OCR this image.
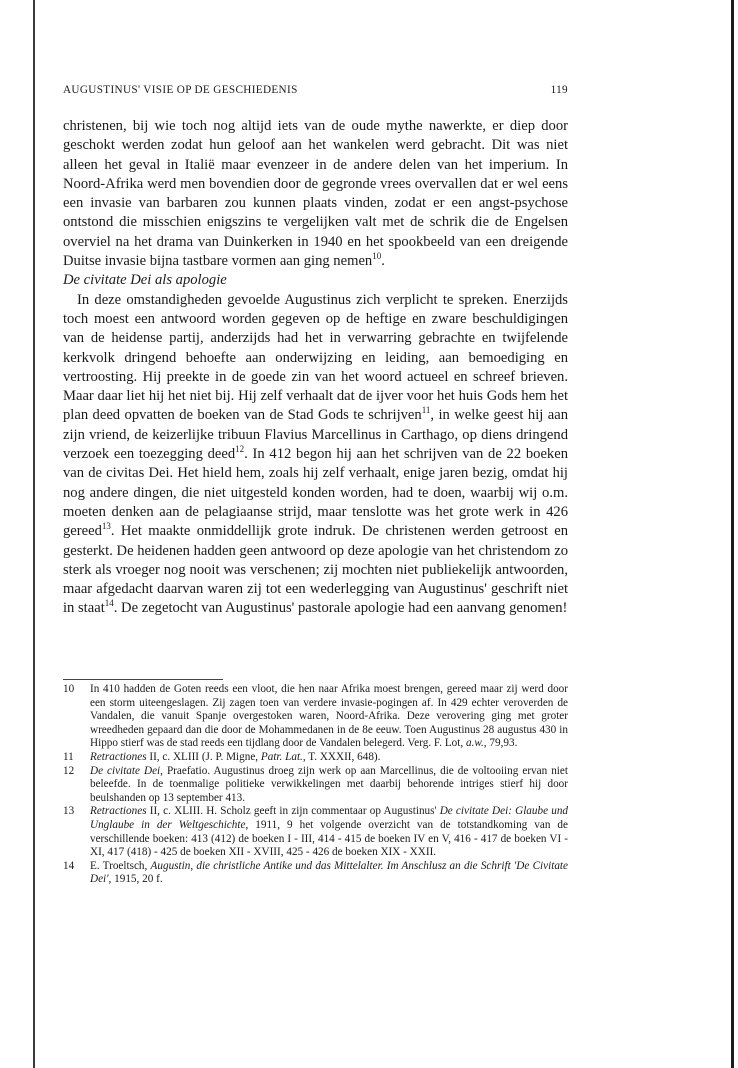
AUGUSTINUS' VISIE OP DE GESCHIEDENIS	119

christenen, bij wie toch nog altijd iets van de oude mythe nawerkte, er diep door geschokt werden zodat hun geloof aan het wankelen werd gebracht. Dit was niet alleen het geval in Italië maar evenzeer in de andere delen van het imperium. In Noord-Afrika werd men bovendien door de gegronde vrees overvallen dat er wel eens een invasie van barbaren zou kunnen plaats vinden, zodat er een angst-psychose ontstond die misschien enigszins te vergelijken valt met de schrik die de Engelsen overviel na het drama van Duinkerken in 1940 en het spookbeeld van een dreigende Duitse invasie bijna tastbare vormen aan ging nemen$^{10}$.

De civitate Dei als apologie

In deze omstandigheden gevoelde Augustinus zich verplicht te spreken. Enerzijds toch moest een antwoord worden gegeven op de heftige en zware beschuldigingen van de heidense partij, anderzijds had het in verwarring gebrachte en twijfelende kerkvolk dringend behoefte aan onderwijzing en leiding, aan bemoediging en vertroosting. Hij preekte in de goede zin van het woord actueel en schreef brieven. Maar daar liet hij het niet bij. Hij zelf verhaalt dat de ijver voor het huis Gods hem het plan deed opvatten de boeken van de Stad Gods te schrijven$^{11}$, in welke geest hij aan zijn vriend, de keizerlijke tribuun Flavius Marcellinus in Carthago, op diens dringend verzoek een toezegging deed$^{12}$. In 412 begon hij aan het schrijven van de 22 boeken van de civitas Dei. Het hield hem, zoals hij zelf verhaalt, enige jaren bezig, omdat hij nog andere dingen, die niet uitgesteld konden worden, had te doen, waarbij wij o.m. moeten denken aan de pelagiaanse strijd, maar tenslotte was het grote werk in 426 gereed$^{13}$. Het maakte onmiddellijk grote indruk. De christenen werden getroost en gesterkt. De heidenen hadden geen antwoord op deze apologie van het christendom zo sterk als vroeger nog nooit was verschenen; zij mochten niet publiekelijk antwoorden, maar afgedacht daarvan waren zij tot een wederlegging van Augustinus' geschrift niet in staat$^{14}$. De zegetocht van Augustinus' pastorale apologie had een aanvang genomen!

10	In 410 hadden de Goten reeds een vloot, die hen naar Afrika moest brengen, gereed maar zij werd door een storm uiteengeslagen. Zij zagen toen van verdere invasie-pogingen af. In 429 echter veroverden de Vandalen, die vanuit Spanje overgestoken waren, Noord-Afrika. Deze verovering ging met groter wreedheden gepaard dan die door de Mohammedanen in de 8e eeuw. Toen Augustinus 28 augustus 430 in Hippo stierf was de stad reeds een tijdlang door de Vandalen belegerd. Verg. F. Lot, a.w., 79,93.
11	Retractiones II, c. XLIII (J. P. Migne, Patr. Lat., T. XXXII, 648).
12	De civitate Dei, Praefatio. Augustinus droeg zijn werk op aan Marcellinus, die de voltooiing ervan niet beleefde. In de toenmalige politieke verwikkelingen met daarbij behorende intriges stierf hij door beulshanden op 13 september 413.
13	Retractiones II, c. XLIII. H. Scholz geeft in zijn commentaar op Augustinus' De civitate Dei: Glaube und Unglaube in der Weltgeschichte, 1911, 9 het volgende overzicht van de totstandkoming van de verschillende boeken: 413 (412) de boeken I - III, 414 - 415 de boeken IV en V, 416 - 417 de boeken VI - XI, 417 (418) - 425 de boeken XII - XVIII, 425 - 426 de boeken XIX - XXII.
14	E. Troeltsch, Augustin, die christliche Antike und das Mittelalter. Im Anschlusz an die Schrift 'De Civitate Dei', 1915, 20 f.
